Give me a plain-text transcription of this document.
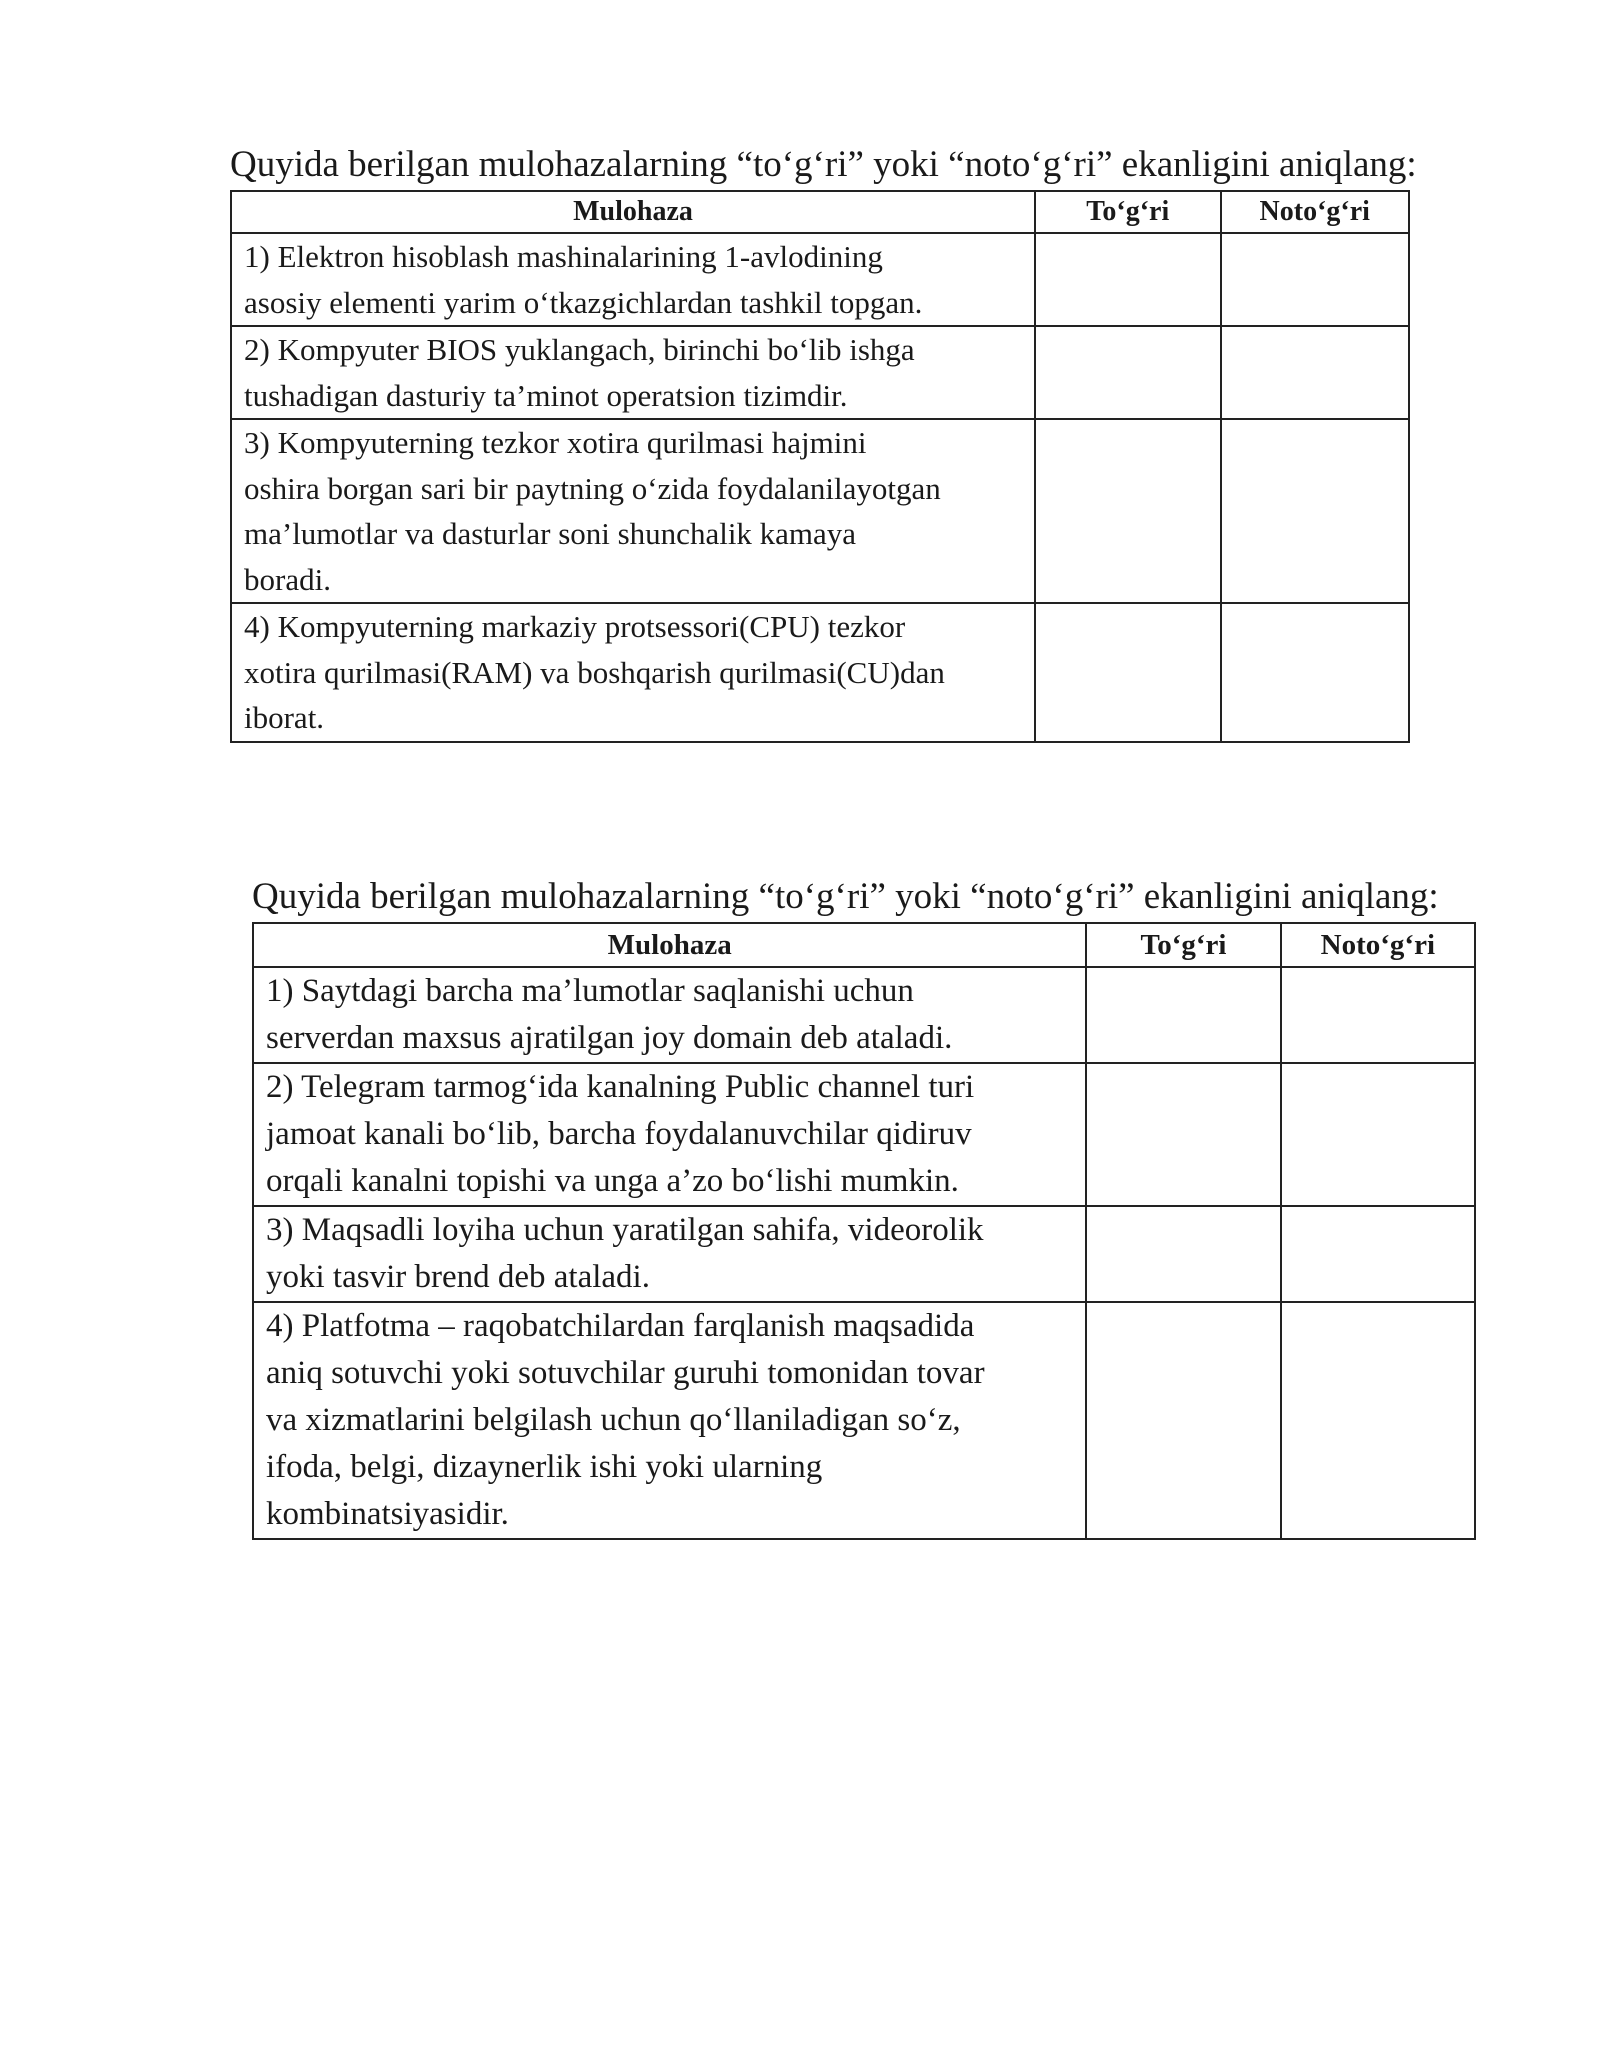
Quyida berilgan mulohazalarning “to‘g‘ri” yoki “noto‘g‘ri” ekanligini aniqlang:
Mulohaza	To‘g‘ri	Noto‘g‘ri

1) Elektron hisoblash mashinalarining 1-avlodining
asosiy elementi yarim o‘tkazgichlardan tashkil topgan.		

2) Kompyuter BIOS yuklangach, birinchi bo‘lib ishga
tushadigan dasturiy ta’minot operatsion tizimdir.		

3) Kompyuterning tezkor xotira qurilmasi hajmini
oshira borgan sari bir paytning o‘zida foydalanilayotgan
ma’lumotlar va dasturlar soni shunchalik kamaya
boradi.		

4) Kompyuterning markaziy protsessori(CPU) tezkor
xotira qurilmasi(RAM) va boshqarish qurilmasi(CU)dan
iborat.		

Quyida berilgan mulohazalarning “to‘g‘ri” yoki “noto‘g‘ri” ekanligini aniqlang:
Mulohaza	To‘g‘ri	Noto‘g‘ri

1) Saytdagi barcha ma’lumotlar saqlanishi uchun
serverdan maxsus ajratilgan joy domain deb ataladi.		

2) Telegram tarmog‘ida kanalning Public channel turi
jamoat kanali bo‘lib, barcha foydalanuvchilar qidiruv
orqali kanalni topishi va unga a’zo bo‘lishi mumkin.		

3) Maqsadli loyiha uchun yaratilgan sahifa, videorolik
yoki tasvir brend deb ataladi.		

4) Platfotma – raqobatchilardan farqlanish maqsadida
aniq sotuvchi yoki sotuvchilar guruhi tomonidan tovar
va xizmatlarini belgilash uchun qo‘llaniladigan so‘z,
ifoda, belgi, dizaynerlik ishi yoki ularning
kombinatsiyasidir.		
